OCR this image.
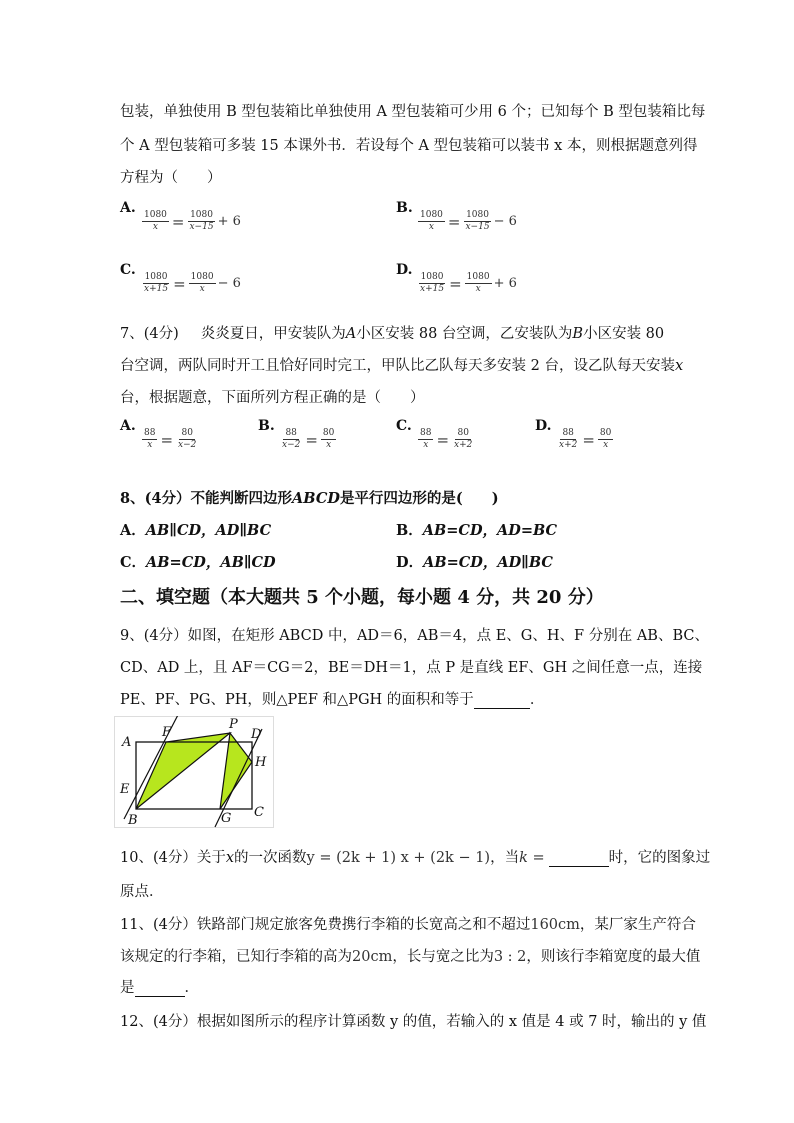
包装，单独使用 B 型包装箱比单独使用 A 型包装箱可少用 6 个；已知每个 B 型包装箱比每
个 A 型包装箱可多装 15 本课外书．若设每个 A 型包装箱可以装书 x 本，则根据题意列得
方程为（　　）
A.
$\frac{1080}{x} = \frac{1080}{x-15} + 6$
B.
$\frac{1080}{x} = \frac{1080}{x-15} - 6$
C.
$\frac{1080}{x+15} = \frac{1080}{x} - 6$
D.
$\frac{1080}{x+15} = \frac{1080}{x} + 6$
7、(4分) 炎炎夏日，甲安装队为A小区安装 88 台空调，乙安装队为B小区安装 80
台空调，两队同时开工且恰好同时完工，甲队比乙队每天多安装 2 台，设乙队每天安装x
台，根据题意，下面所列方程正确的是（　　）
A.
$\frac{88}{x} = \frac{80}{x-2}$
B.
$\frac{88}{x-2} = \frac{80}{x}$
C.
$\frac{88}{x} = \frac{80}{x+2}$
D.
$\frac{88}{x+2} = \frac{80}{x}$
8、(4分）不能判断四边形ABCD是平行四边形的是(　　)
A．AB∥CD，AD∥BC	B．AB=CD，AD=BC
C．AB=CD，AB∥CD	D．AB=CD，AD∥BC
二、填空题（本大题共 5 个小题，每小题 4 分，共 20 分）
9、(4分）如图，在矩形 ABCD 中，AD＝6，AB＝4，点 E、G、H、F 分别在 AB、BC、
CD、AD 上，且 AF＝CG＝2，BE＝DH＝1，点 P 是直线 EF、GH 之间任意一点，连接
PE、PF、PG、PH，则△PEF 和△PGH 的面积和等于	．
A
F
P
D
H
E
B	G C
10、(4分）关于x的一次函数y = (2k + 1) x + (2k − 1)，当k =	时，它的图象过
原点．
11、(4分）铁路部门规定旅客免费携行李箱的长宽高之和不超过160cm，某厂家生产符合
该规定的行李箱，已知行李箱的高为20cm，长与宽之比为3 : 2，则该行李箱宽度的最大值
是	．
12、(4分）根据如图所示的程序计算函数 y 的值，若输入的 x 值是 4 或 7 时，输出的 y 值
